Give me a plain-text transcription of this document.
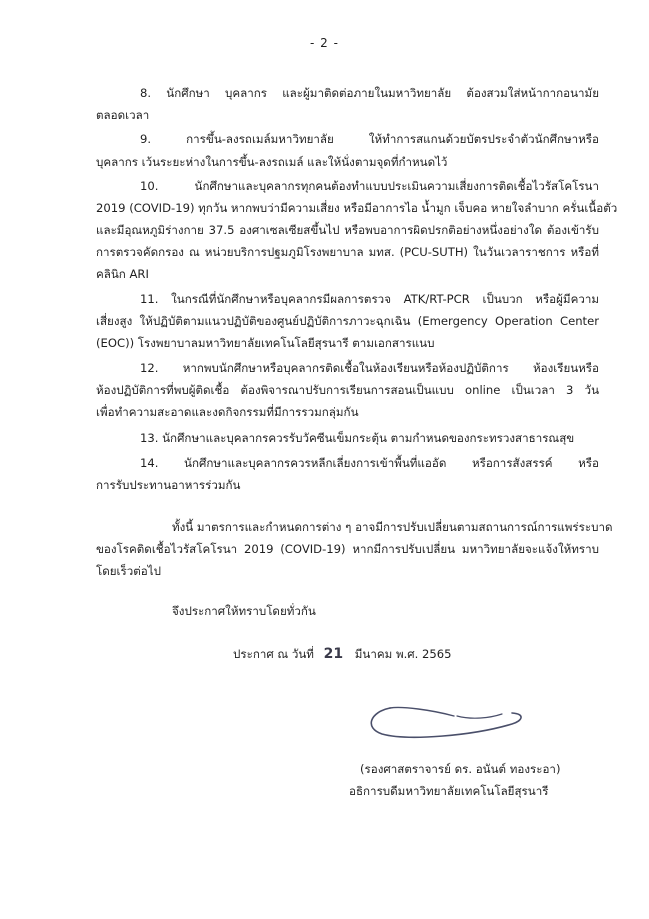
- 2 -
8. นักศึกษา บุคลากร และผู้มาติดต่อภายในมหาวิทยาลัย ต้องสวมใส่หน้ากากอนามัย
ตลอดเวลา
9. การขึ้น-ลงรถเมล์มหาวิทยาลัย ให้ทำการสแกนด้วยบัตรประจำตัวนักศึกษาหรือ
บุคลากร เว้นระยะห่างในการขึ้น-ลงรถเมล์ และให้นั่งตามจุดที่กำหนดไว้
10. นักศึกษาและบุคลากรทุกคนต้องทำแบบประเมินความเสี่ยงการติดเชื้อไวรัสโคโรนา
2019 (COVID-19) ทุกวัน หากพบว่ามีความเสี่ยง หรือมีอาการไอ น้ำมูก เจ็บคอ หายใจลำบาก ครั่นเนื้อตัว
และมีอุณหภูมิร่างกาย 37.5 องศาเซลเซียสขึ้นไป หรือพบอาการผิดปรกติอย่างหนึ่งอย่างใด ต้องเข้ารับ
การตรวจคัดกรอง ณ หน่วยบริการปฐมภูมิโรงพยาบาล มทส. (PCU-SUTH) ในวันเวลาราชการ หรือที่
คลินิก ARI
11. ในกรณีที่นักศึกษาหรือบุคลากรมีผลการตรวจ ATK/RT-PCR เป็นบวก หรือผู้มีความ
เสี่ยงสูง ให้ปฏิบัติตามแนวปฏิบัติของศูนย์ปฏิบัติการภาวะฉุกเฉิน (Emergency Operation Center
(EOC)) โรงพยาบาลมหาวิทยาลัยเทคโนโลยีสุรนารี ตามเอกสารแนบ
12. หากพบนักศึกษาหรือบุคลากรติดเชื้อในห้องเรียนหรือห้องปฏิบัติการ ห้องเรียนหรือ
ห้องปฏิบัติการที่พบผู้ติดเชื้อ ต้องพิจารณาปรับการเรียนการสอนเป็นแบบ online เป็นเวลา 3 วัน
เพื่อทำความสะอาดและงดกิจกรรมที่มีการรวมกลุ่มกัน
13. นักศึกษาและบุคลากรควรรับวัคซีนเข็มกระตุ้น ตามกำหนดของกระทรวงสาธารณสุข
14. นักศึกษาและบุคลากรควรหลีกเลี่ยงการเข้าพื้นที่แออัด หรือการสังสรรค์ หรือ
การรับประทานอาหารร่วมกัน
ทั้งนี้ มาตรการและกำหนดการต่าง ๆ อาจมีการปรับเปลี่ยนตามสถานการณ์การแพร่ระบาด
ของโรคติดเชื้อไวรัสโคโรนา 2019 (COVID-19) หากมีการปรับเปลี่ยน มหาวิทยาลัยจะแจ้งให้ทราบ
โดยเร็วต่อไป
จึงประกาศให้ทราบโดยทั่วกัน
ประกาศ ณ วันที่ 21 มีนาคม พ.ศ. 2565
(รองศาสตราจารย์ ดร. อนันต์ ทองระอา)
อธิการบดีมหาวิทยาลัยเทคโนโลยีสุรนารี
